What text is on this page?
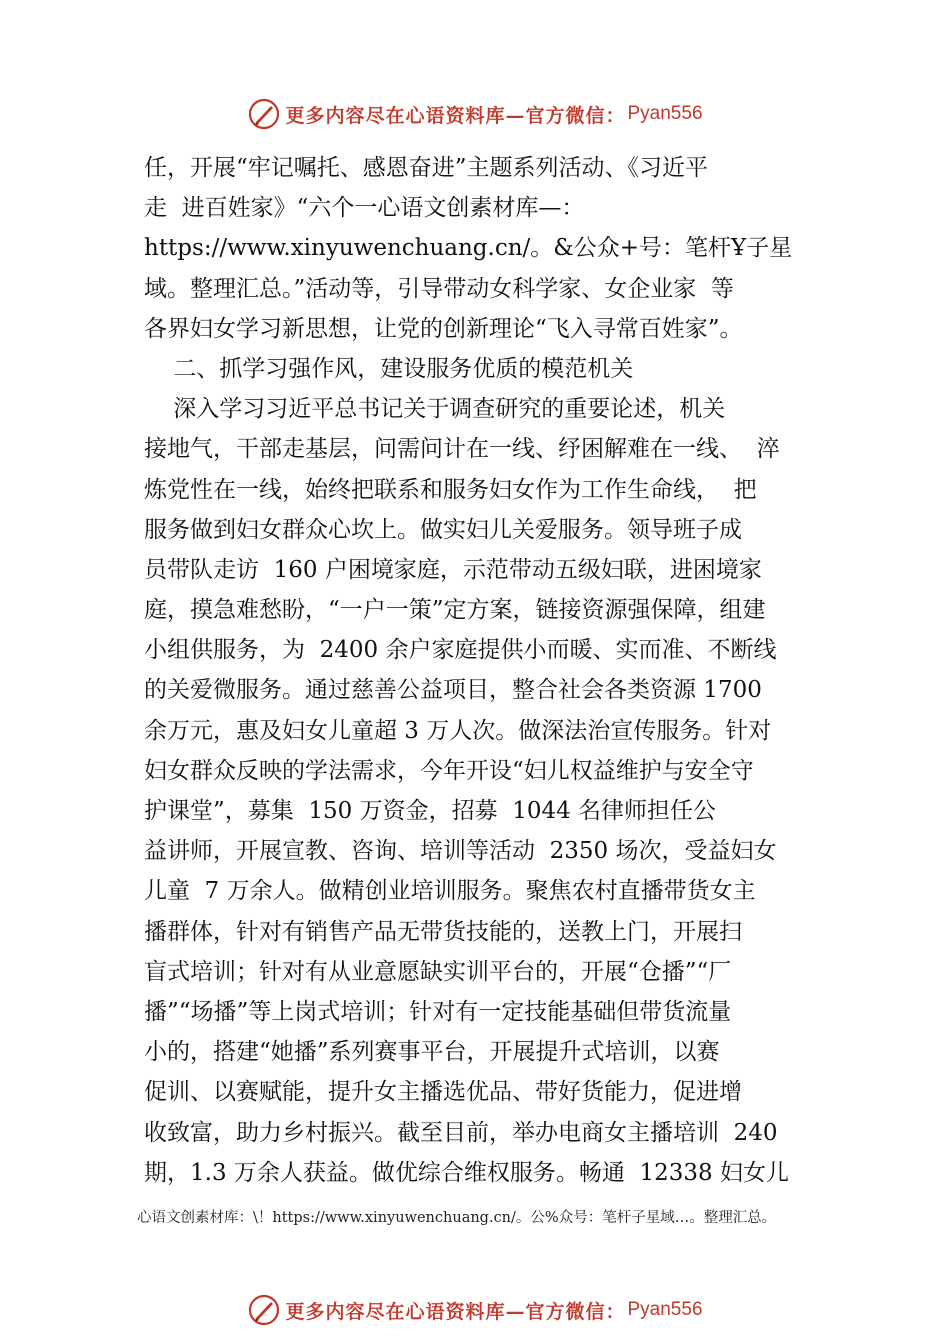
更多内容尽在心语资料库—官方微信： Pyan556
任，开展“牢记嘱托、感恩奋进”主题系列活动、《习近平
走  进百姓家》“六个一心语文创素材库—：
https://www.xinyuwenchuang.cn/。&公众+号：笔杆Ұ子星
域。整理汇总。”活动等，引导带动女科学家、女企业家  等
各界妇女学习新思想，让党的创新理论“飞入寻常百姓家”。
二、抓学习强作风，建设服务优质的模范机关
深入学习习近平总书记关于调查研究的重要论述，机关
接地气，干部走基层，问需问计在一线、纾困解难在一线、  淬
炼党性在一线，始终把联系和服务妇女作为工作生命线，  把
服务做到妇女群众心坎上。做实妇儿关爱服务。领导班子成
员带队走访  160 户困境家庭，示范带动五级妇联，进困境家
庭，摸急难愁盼，“一户一策”定方案，链接资源强保障，组建
小组供服务，为  2400 余户家庭提供小而暖、实而准、不断线
的关爱微服务。通过慈善公益项目，整合社会各类资源 1700
余万元，惠及妇女儿童超 3 万人次。做深法治宣传服务。针对
妇女群众反映的学法需求，今年开设“妇儿权益维护与安全守
护课堂”，募集  150 万资金，招募  1044 名律师担任公
益讲师，开展宣教、咨询、培训等活动  2350 场次，受益妇女
儿童  7 万余人。做精创业培训服务。聚焦农村直播带货女主
播群体，针对有销售产品无带货技能的，送教上门，开展扫
盲式培训；针对有从业意愿缺实训平台的，开展“仓播”“厂
播”“场播”等上岗式培训；针对有一定技能基础但带货流量
小的，搭建“她播”系列赛事平台，开展提升式培训，以赛
促训、以赛赋能，提升女主播选优品、带好货能力，促进增
收致富，助力乡村振兴。截至目前，举办电商女主播培训  240
期，1.3 万余人获益。做优综合维权服务。畅通  12338 妇女儿
心语文创素材库：\！https://www.xinyuwenchuang.cn/。公%众号：笔杆子星域…。整理汇总。
更多内容尽在心语资料库—官方微信： Pyan556
